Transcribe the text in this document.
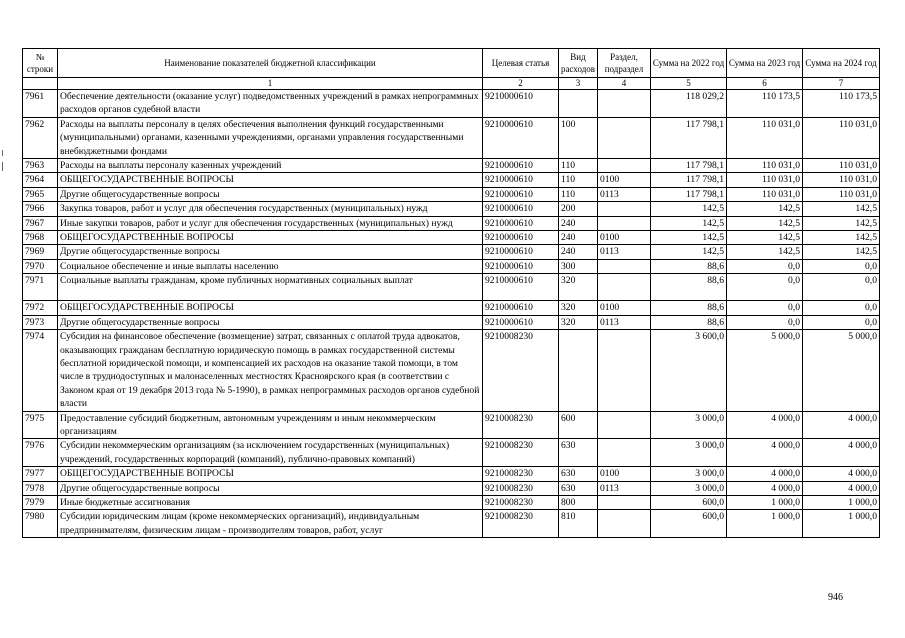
№ строки	Наименование показателей бюджетной классификации	Целевая статья	Вид расходов	Раздел, подраздел	Сумма на 2022 год	Сумма на 2023 год	Сумма на 2024 год
	1	2	3	4	5	6	7
7961	Обеспечение деятельности (оказание услуг) подведомственных учреждений в рамках непрограммных расходов органов судебной власти	9210000610			118 029,2	110 173,5	110 173,5
7962	Расходы на выплаты персоналу в целях обеспечения выполнения функций государственными (муниципальными) органами, казенными учреждениями, органами управления государственными внебюджетными фондами	9210000610	100		117 798,1	110 031,0	110 031,0
7963	Расходы на выплаты персоналу казенных учреждений	9210000610	110		117 798,1	110 031,0	110 031,0
7964	ОБЩЕГОСУДАРСТВЕННЫЕ ВОПРОСЫ	9210000610	110	0100	117 798,1	110 031,0	110 031,0
7965	Другие общегосударственные вопросы	9210000610	110	0113	117 798,1	110 031,0	110 031,0
7966	Закупка товаров, работ и услуг для обеспечения государственных (муниципальных) нужд	9210000610	200		142,5	142,5	142,5
7967	Иные закупки товаров, работ и услуг для обеспечения государственных (муниципальных) нужд	9210000610	240		142,5	142,5	142,5
7968	ОБЩЕГОСУДАРСТВЕННЫЕ ВОПРОСЫ	9210000610	240	0100	142,5	142,5	142,5
7969	Другие общегосударственные вопросы	9210000610	240	0113	142,5	142,5	142,5
7970	Социальное обеспечение и иные выплаты населению	9210000610	300		88,6	0,0	0,0
7971	Социальные выплаты гражданам, кроме публичных нормативных социальных выплат	9210000610	320		88,6	0,0	0,0
7972	ОБЩЕГОСУДАРСТВЕННЫЕ ВОПРОСЫ	9210000610	320	0100	88,6	0,0	0,0
7973	Другие общегосударственные вопросы	9210000610	320	0113	88,6	0,0	0,0
7974	Субсидия на финансовое обеспечение (возмещение) затрат, связанных с оплатой труда адвокатов, оказывающих гражданам бесплатную юридическую помощь в рамках государственной системы бесплатной юридической помощи, и компенсацией их расходов на оказание такой помощи, в том числе в труднодоступных и малонаселенных местностях Красноярского края (в соответствии с Законом края от 19 декабря 2013 года № 5-1990), в рамках непрограммных расходов органов судебной власти	9210008230			3 600,0	5 000,0	5 000,0
7975	Предоставление субсидий бюджетным, автономным учреждениям и иным некоммерческим организациям	9210008230	600		3 000,0	4 000,0	4 000,0
7976	Субсидии некоммерческим организациям (за исключением государственных (муниципальных) учреждений, государственных корпораций (компаний), публично-правовых компаний)	9210008230	630		3 000,0	4 000,0	4 000,0
7977	ОБЩЕГОСУДАРСТВЕННЫЕ ВОПРОСЫ	9210008230	630	0100	3 000,0	4 000,0	4 000,0
7978	Другие общегосударственные вопросы	9210008230	630	0113	3 000,0	4 000,0	4 000,0
7979	Иные бюджетные ассигнования	9210008230	800		600,0	1 000,0	1 000,0
7980	Субсидии юридическим лицам (кроме некоммерческих организаций), индивидуальным предпринимателям, физическим лицам - производителям товаров, работ, услуг	9210008230	810		600,0	1 000,0	1 000,0
946
